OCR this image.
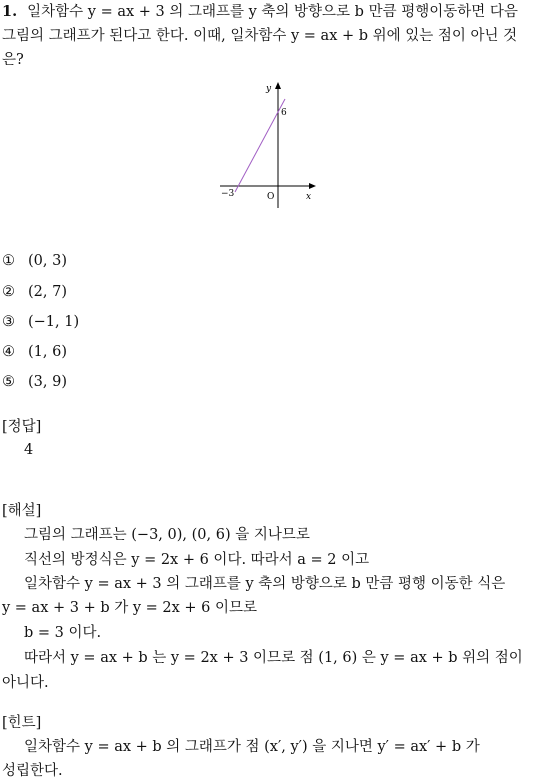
1. 일차함수 y = ax + 3 의 그래프를 y 축의 방향으로 b 만큼 평행이동하면 다음 그림의 그래프가 된다고 한다. 이때, 일차함수 y = ax + b 위에 있는 점이 아닌 것은?
y
6
−3	O	x
① (0, 3)
② (2, 7)
③ (−1, 1)
④ (1, 6)
⑤ (3, 9)
[정답]
4
[해설]
그림의 그래프는 (−3, 0), (0, 6) 을 지나므로
직선의 방정식은 y = 2x + 6 이다. 따라서 a = 2 이고
일차함수 y = ax + 3 의 그래프를 y 축의 방향으로 b 만큼 평행 이동한 식은
y = ax + 3 + b 가 y = 2x + 6 이므로
b = 3 이다.
따라서 y = ax + b 는 y = 2x + 3 이므로 점 (1, 6) 은 y = ax + b 위의 점이
아니다.
[힌트]
일차함수 y = ax + b 의 그래프가 점 (x′, y′) 을 지나면 y′ = ax′ + b 가
성립한다.
